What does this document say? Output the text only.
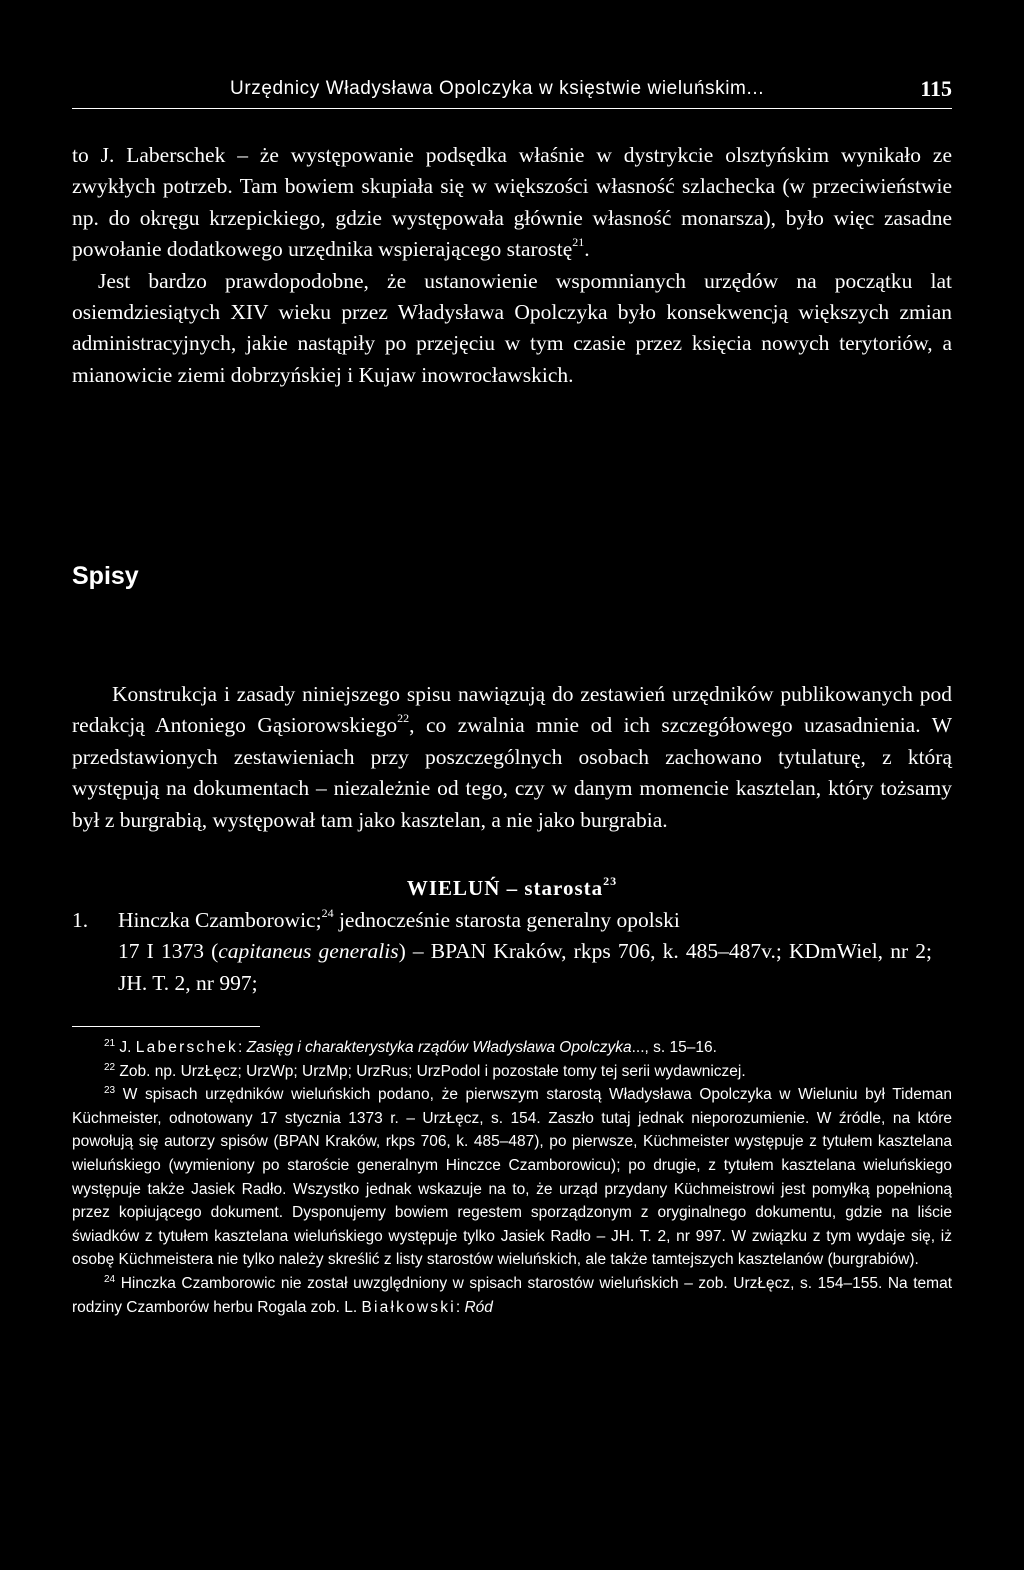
Urzędnicy Władysława Opolczyka w księstwie wieluńskim...	115
to J. Laberschek – że występowanie podsędka właśnie w dystrykcie olsztyńskim wynikało ze zwykłych potrzeb. Tam bowiem skupiała się w większości własność szlachecka (w przeciwieństwie np. do okręgu krzepickiego, gdzie występowała głównie własność monarsza), było więc zasadne powołanie dodatkowego urzędnika wspierającego starostę$^{21}$.
Jest bardzo prawdopodobne, że ustanowienie wspomnianych urzędów na początku lat osiemdziesiątych XIV wieku przez Władysława Opolczyka było konsekwencją większych zmian administracyjnych, jakie nastąpiły po przejęciu w tym czasie przez księcia nowych terytoriów, a mianowicie ziemi dobrzyńskiej i Kujaw inowrocławskich.
Spisy
Konstrukcja i zasady niniejszego spisu nawiązują do zestawień urzędników publikowanych pod redakcją Antoniego Gąsiorowskiego$^{22}$, co zwalnia mnie od ich szczegółowego uzasadnienia. W przedstawionych zestawieniach przy poszczególnych osobach zachowano tytulaturę, z którą występują na dokumentach – niezależnie od tego, czy w danym momencie kasztelan, który tożsamy był z burgrabią, występował tam jako kasztelan, a nie jako burgrabia.
WIELUŃ – starosta$^{23}$
1.	Hinczka Czamborowic;$^{24}$ jednocześnie starosta generalny opolski
17 I 1373 (capitaneus generalis) – BPAN Kraków, rkps 706, k. 485–487v.; KDmWiel, nr 2; JH. T. 2, nr 997;
$^{21}$ J. Laberschek: Zasięg i charakterystyka rządów Władysława Opolczyka..., s. 15–16.
$^{22}$ Zob. np. UrzŁęcz; UrzWp; UrzMp; UrzRus; UrzPodol i pozostałe tomy tej serii wydawniczej.
$^{23}$ W spisach urzędników wieluńskich podano, że pierwszym starostą Władysława Opolczyka w Wieluniu był Tideman Küchmeister, odnotowany 17 stycznia 1373 r. – UrzŁęcz, s. 154. Zaszło tutaj jednak nieporozumienie. W źródle, na które powołują się autorzy spisów (BPAN Kraków, rkps 706, k. 485–487), po pierwsze, Küchmeister występuje z tytułem kasztelana wieluńskiego (wymieniony po staroście generalnym Hinczce Czamborowicu); po drugie, z tytułem kasztelana wieluńskiego występuje także Jasiek Radło. Wszystko jednak wskazuje na to, że urząd przydany Küchmeistrowi jest pomyłką popełnioną przez kopiującego dokument. Dysponujemy bowiem regestem sporządzonym z oryginalnego dokumentu, gdzie na liście świadków z tytułem kasztelana wieluńskiego występuje tylko Jasiek Radło – JH. T. 2, nr 997. W związku z tym wydaje się, iż osobę Küchmeistera nie tylko należy skreślić z listy starostów wieluńskich, ale także tamtejszych kasztelanów (burgrabiów).
$^{24}$ Hinczka Czamborowic nie został uwzględniony w spisach starostów wieluńskich – zob. UrzŁęcz, s. 154–155. Na temat rodziny Czamborów herbu Rogala zob. L. Białkowski: Ród
